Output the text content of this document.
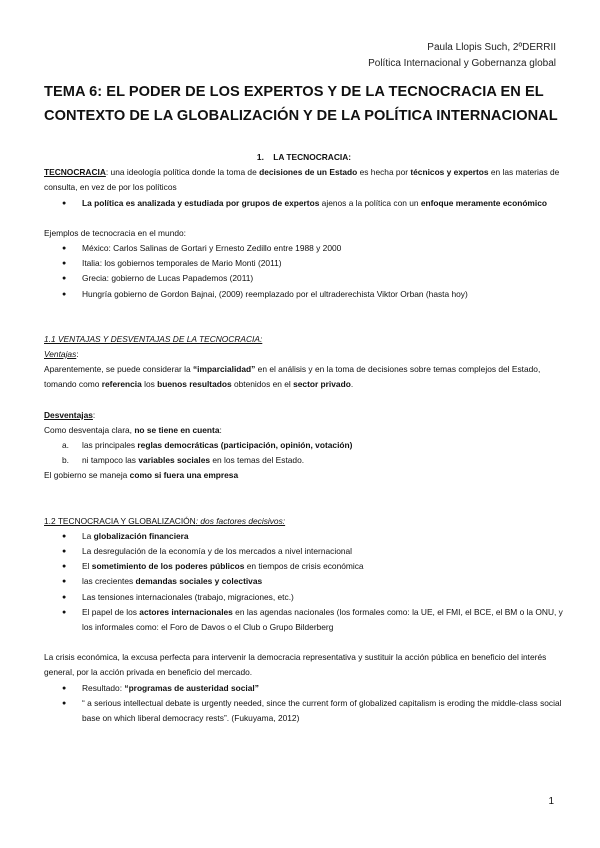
Paula Llopis Such, 2ºDERRII
Política Internacional y Gobernanza global
TEMA 6: EL PODER DE LOS EXPERTOS Y DE LA TECNOCRACIA EN EL CONTEXTO DE LA GLOBALIZACIÓN Y DE LA POLÍTICA INTERNACIONAL

1. LA TECNOCRACIA:

TECNOCRACIA: una ideología política donde la toma de decisiones de un Estado es hecha por técnicos y expertos en las materias de consulta, en vez de por los políticos

● La política es analizada y estudiada por grupos de expertos ajenos a la política con un enfoque meramente económico

Ejemplos de tecnocracia en el mundo:

● México: Carlos Salinas de Gortari y Ernesto Zedillo entre 1988 y 2000
● Italia: los gobiernos temporales de Mario Monti (2011)
● Grecia: gobierno de Lucas Papademos (2011)
● Hungría gobierno de Gordon Bajnai, (2009) reemplazado por el ultraderechista Viktor Orban (hasta hoy)

1.1 VENTAJAS Y DESVENTAJAS DE LA TECNOCRACIA:

Ventajas:

Aparentemente, se puede considerar la “imparcialidad” en el análisis y en la toma de decisiones sobre temas complejos del Estado, tomando como referencia los buenos resultados obtenidos en el sector privado.

Desventajas:

Como desventaja clara, no se tiene en cuenta:

a. las principales reglas democráticas (participación, opinión, votación)
b. ni tampoco las variables sociales en los temas del Estado.

El gobierno se maneja como si fuera una empresa

1.2 TECNOCRACIA Y GLOBALIZACIÓN: dos factores decisivos:

● La globalización financiera
● La desregulación de la economía y de los mercados a nivel internacional
● El sometimiento de los poderes públicos en tiempos de crisis económica
● las crecientes demandas sociales y colectivas
● Las tensiones internacionales (trabajo, migraciones, etc.)
● El papel de los actores internacionales en las agendas nacionales (los formales como: la UE, el FMI, el BCE, el BM o la ONU, y los informales como: el Foro de Davos o el Club o Grupo Bilderberg

La crisis económica, la excusa perfecta para intervenir la democracia representativa y sustituir la acción pública en beneficio del interés general, por la acción privada en beneficio del mercado.

● Resultado: “programas de austeridad social”
● “ a serious intellectual debate is urgently needed, since the current form of globalized capitalism is eroding the middle-class social base on which liberal democracy rests”. (Fukuyama, 2012)
1
